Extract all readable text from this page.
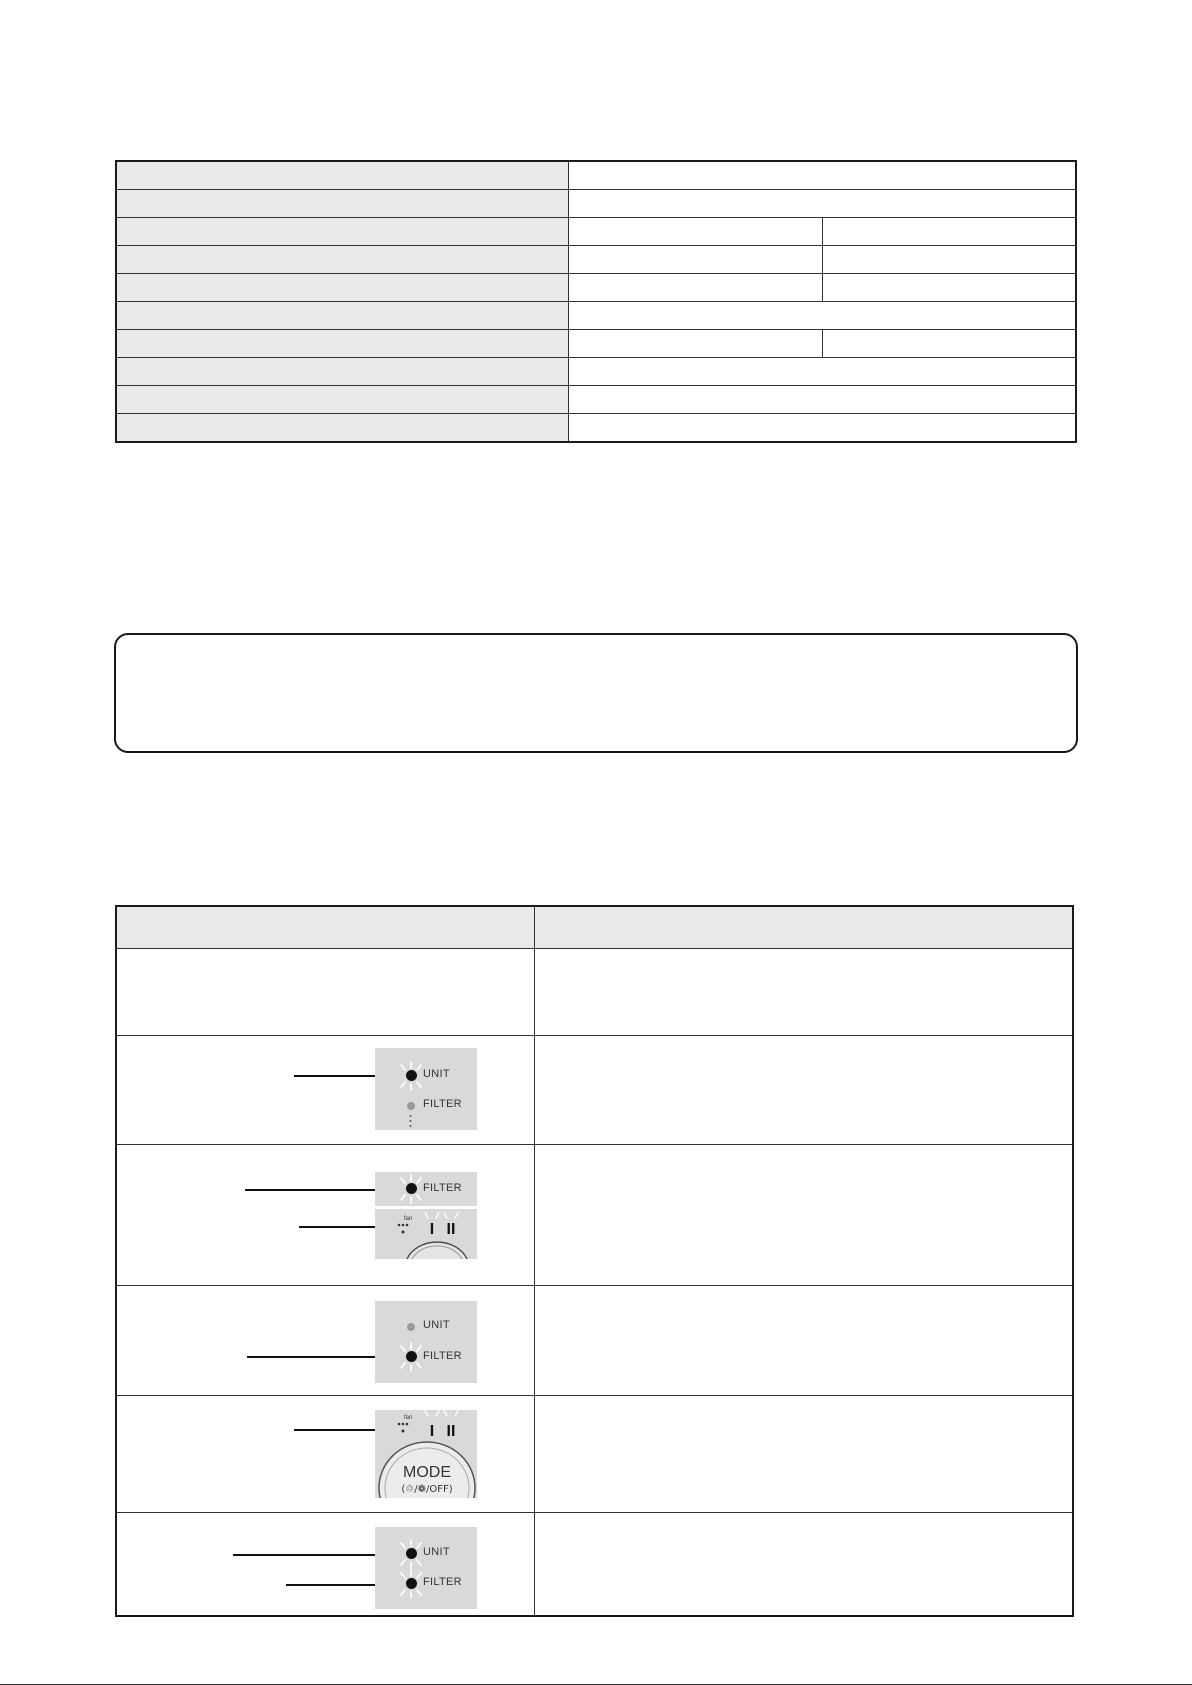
UNIT
FILTER
FILTER
fan
I II
UNIT
FILTER
fan
I II
MODE
(♲/❁/OFF)
UNIT
FILTER
